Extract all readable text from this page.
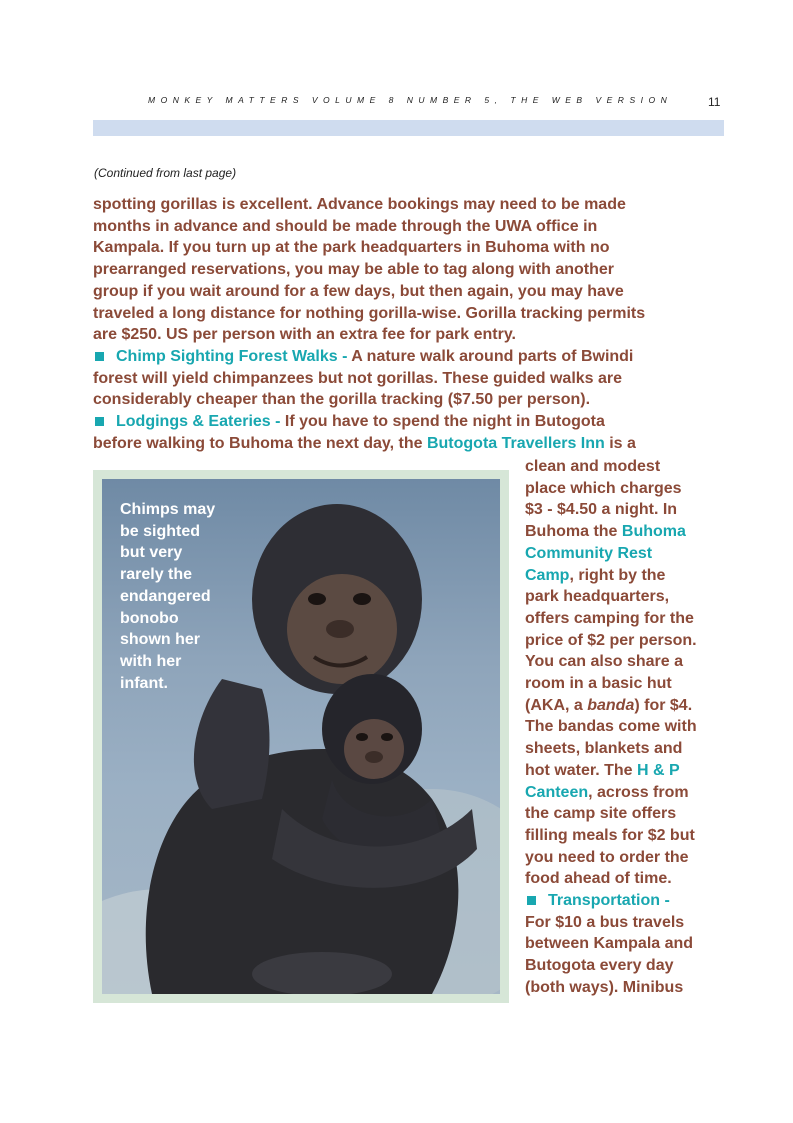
MONKEY MATTERS VOLUME 8 NUMBER 5, THE WEB VERSION	11
(Continued from last page)

spotting gorillas is excellent. Advance bookings may need to be made

months in advance and should be made through the UWA office in

Kampala. If you turn up at the park headquarters in Buhoma with no

prearranged reservations, you may be able to tag along with another

group if you wait around for a few days, but then again, you may have

traveled a long distance for nothing gorilla-wise. Gorilla tracking permits

are $250. US per person with an extra fee for park entry.

Chimp Sighting Forest Walks - A nature walk around parts of Bwindi

forest will yield chimpanzees but not gorillas. These guided walks are

considerably cheaper than the gorilla tracking ($7.50 per person).

Lodgings & Eateries - If you have to spend the night in Butogota

before walking to Buhoma the next day, the Butogota Travellers Inn is a

clean and modest

place which charges

$3 - $4.50 a night. In

Buhoma the Buhoma

Community Rest

Camp, right by the

park headquarters,

offers camping for the

price of $2 per person.

You can also share a

room in a basic hut

(AKA, a banda) for $4.

The bandas come with

sheets, blankets and

hot water. The H & P

Canteen, across from

the camp site offers

filling meals for $2 but

you need to order the

food ahead of time.

Transportation -

For $10 a bus travels

between Kampala and

Butogota every day

(both ways). Minibus

Chimps may
be sighted
but very
rarely the
endangered
bonobo
shown her
with her
infant.
